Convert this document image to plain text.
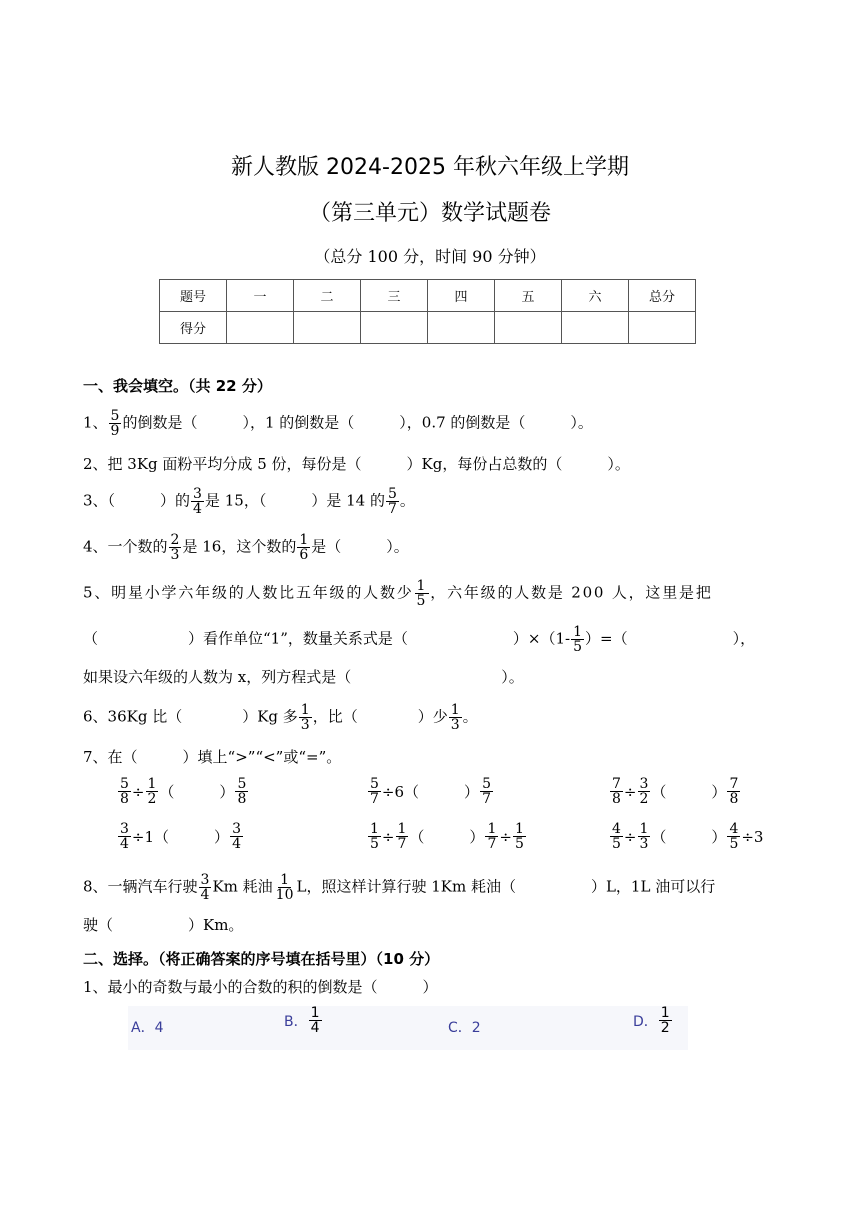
新人教版 2024-2025 年秋六年级上学期
（第三单元）数学试题卷
（总分 100 分，时间 90 分钟）
题号	一	二	三	四	五	六	总分
得分							
一、我会填空。（共 22 分）
1、 $\frac{5}{9}$ 的倒数是（　　　），1 的倒数是（　　　），0.7 的倒数是（　　　）。
2、把 3Kg 面粉平均分成 5 份，每份是（　　　）Kg，每份占总数的（　　　）。
3、（　　　）的 $\frac{3}{4}$ 是 15，（　　　）是 14 的 $\frac{5}{7}$ 。
4、一个数的 $\frac{2}{3}$ 是 16，这个数的 $\frac{1}{6}$ 是（　　　）。
5、明星小学六年级的人数比五年级的人数少 $\frac{1}{5}$ ，六年级的人数是 200 人，这里是把
（　　　　　　）看作单位“1”，数量关系式是（　　　　　　　）$\times(1- \frac{1}{5}$ ）=（　　　　　　　），
如果设六年级的人数为 x，列方程式是（　　　　　　　　　　）。
6、36Kg 比（　　　　）Kg 多 $\frac{1}{3}$ ，比（　　　　）少 $\frac{1}{3}$ 。
7、在（　　　）填上“>”“<”或“=”。
$\frac{5}{8} \div \frac{1}{2}$ （　　　） $\frac{5}{8}$	$\frac{5}{7} \div 6$ （　　　） $\frac{5}{7}$	$\frac{7}{8} \div \frac{3}{2}$ （　　　） $\frac{7}{8}$
$\frac{3}{4} \div 1$ （　　　） $\frac{3}{4}$	$\frac{1}{5} \div \frac{1}{7}$ （　　　） $\frac{1}{7} \div \frac{1}{5}$	$\frac{4}{5} \div \frac{1}{3}$ （　　　） $\frac{4}{5} \div 3$
8、一辆汽车行驶 $\frac{3}{4}$ Km 耗油 $\frac{1}{10}$ L，照这样计算行驶 1Km 耗油（　　　　　）L，1L 油可以行
驶（　　　　　）Km。
二、选择。（将正确答案的序号填在括号里）（10 分）
1、最小的奇数与最小的合数的积的倒数是（　　　）
A．4	B． $\frac{1}{4}$	C．2	D． $\frac{1}{2}$
